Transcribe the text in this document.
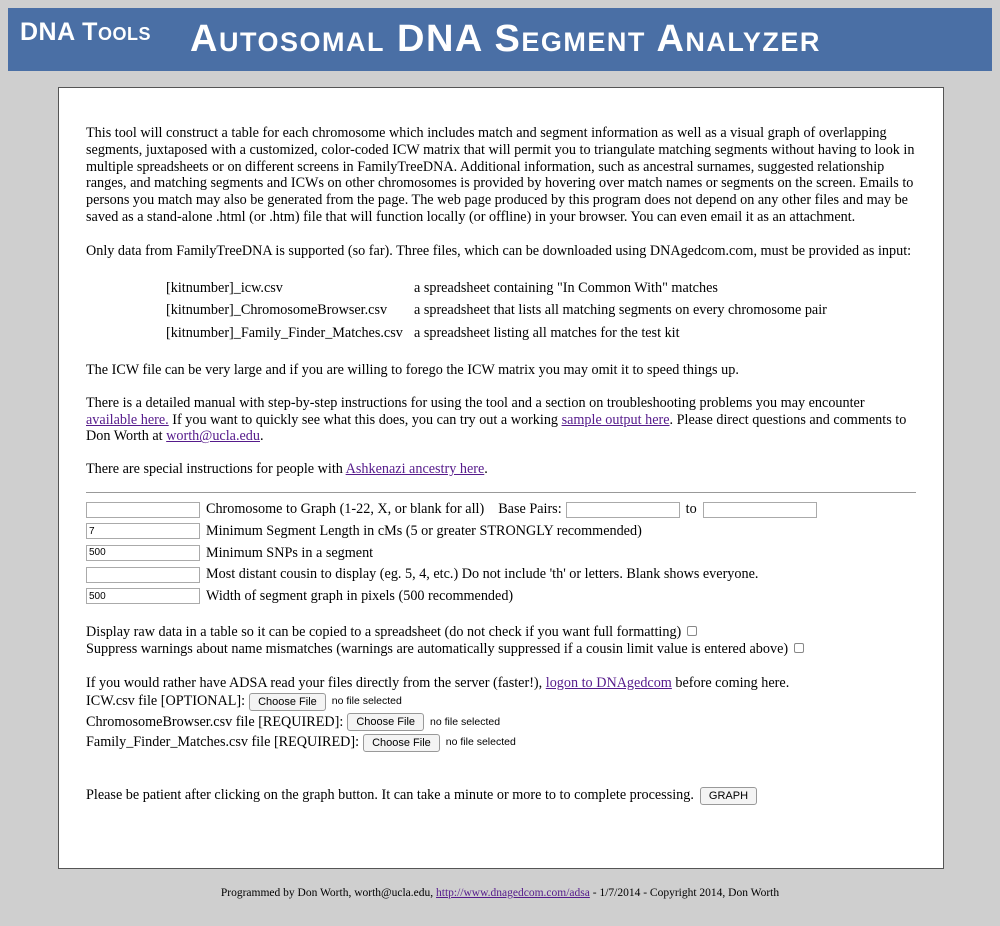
DNA Tools Autosomal DNA Segment Analyzer

This tool will construct a table for each chromosome which includes match and segment information as well as a visual graph of overlapping segments, juxtaposed with a customized, color-coded ICW matrix that will permit you to triangulate matching segments without having to look in multiple spreadsheets or on different screens in FamilyTreeDNA. Additional information, such as ancestral surnames, suggested relationship ranges, and matching segments and ICWs on other chromosomes is provided by hovering over match names or segments on the screen. Emails to persons you match may also be generated from the page. The web page produced by this program does not depend on any other files and may be saved as a stand-alone .html (or .htm) file that will function locally (or offline) in your browser. You can even email it as an attachment.

Only data from FamilyTreeDNA is supported (so far). Three files, which can be downloaded using DNAgedcom.com, must be provided as input:

[kitnumber]_icw.csv	a spreadsheet containing "In Common With" matches
[kitnumber]_ChromosomeBrowser.csv	a spreadsheet that lists all matching segments on every chromosome pair
[kitnumber]_Family_Finder_Matches.csv	a spreadsheet listing all matches for the test kit

The ICW file can be very large and if you are willing to forego the ICW matrix you may omit it to speed things up.

There is a detailed manual with step-by-step instructions for using the tool and a section on troubleshooting problems you may encounter available here. If you want to quickly see what this does, you can try out a working sample output here. Please direct questions and comments to Don Worth at worth@ucla.edu.

There are special instructions for people with Ashkenazi ancestry here.

Chromosome to Graph (1-22, X, or blank for all) Base Pairs:	to
7
Minimum Segment Length in cMs (5 or greater STRONGLY recommended)
500
Minimum SNPs in a segment
Most distant cousin to display (eg. 5, 4, etc.) Do not include 'th' or letters. Blank shows everyone.
500
Width of segment graph in pixels (500 recommended)

Display raw data in a table so it can be copied to a spreadsheet (do not check if you want full formatting)

Suppress warnings about name mismatches (warnings are automatically suppressed if a cousin limit value is entered above)

If you would rather have ADSA read your files directly from the server (faster!), logon to DNAgedcom before coming here.

ICW.csv file [OPTIONAL]:	Choose File	no file selected
ChromosomeBrowser.csv file [REQUIRED]:	Choose File	no file selected
Family_Finder_Matches.csv file [REQUIRED]:	Choose File	no file selected
Please be patient after clicking on the graph button. It can take a minute or more to to complete processing.	GRAPH
Programmed by Don Worth, worth@ucla.edu, http://www.dnagedcom.com/adsa - 1/7/2014 - Copyright 2014, Don Worth
